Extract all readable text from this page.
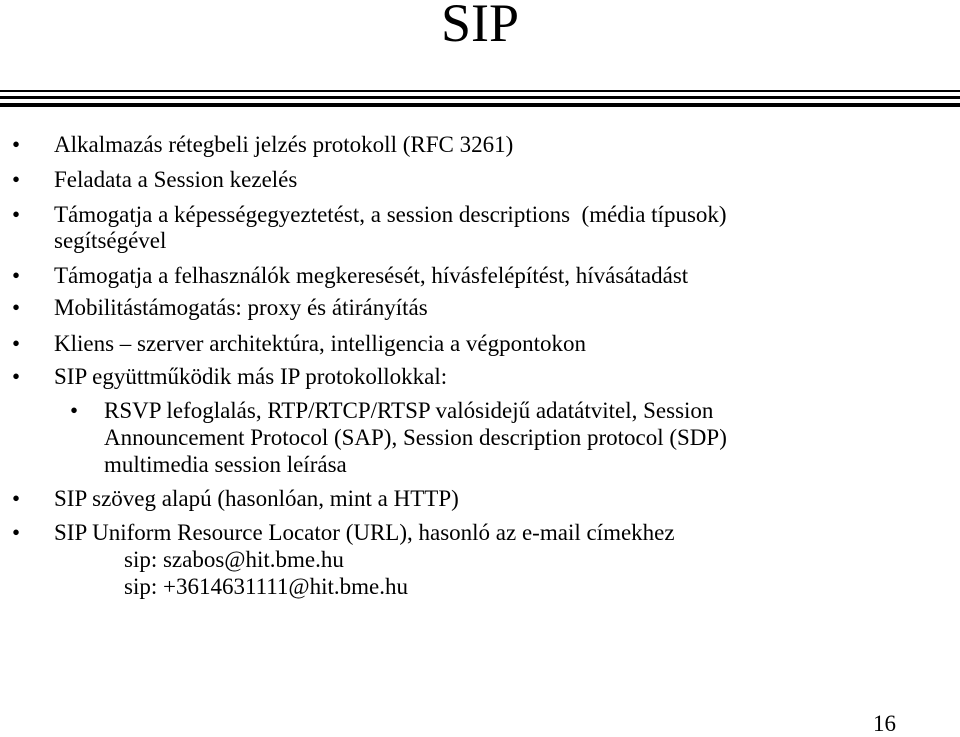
SIP
• Alkalmazás rétegbeli jelzés protokoll (RFC 3261)
• Feladata a Session kezelés
• Támogatja a képességegyeztetést, a session descriptions  (média típusok)
segítségével
• Támogatja a felhasználók megkeresését, hívásfelépítést, hívásátadást
• Mobilitástámogatás: proxy és átirányítás
• Kliens – szerver architektúra, intelligencia a végpontokon
• SIP együttműködik más IP protokollokkal:
• RSVP lefoglalás, RTP/RTCP/RTSP valósidejű adatátvitel, Session
Announcement Protocol (SAP), Session description protocol (SDP)
multimedia session leírása
• SIP szöveg alapú (hasonlóan, mint a HTTP)
• SIP Uniform Resource Locator (URL), hasonló az e-mail címekhez
sip: szabos@hit.bme.hu
sip: +3614631111@hit.bme.hu
16
